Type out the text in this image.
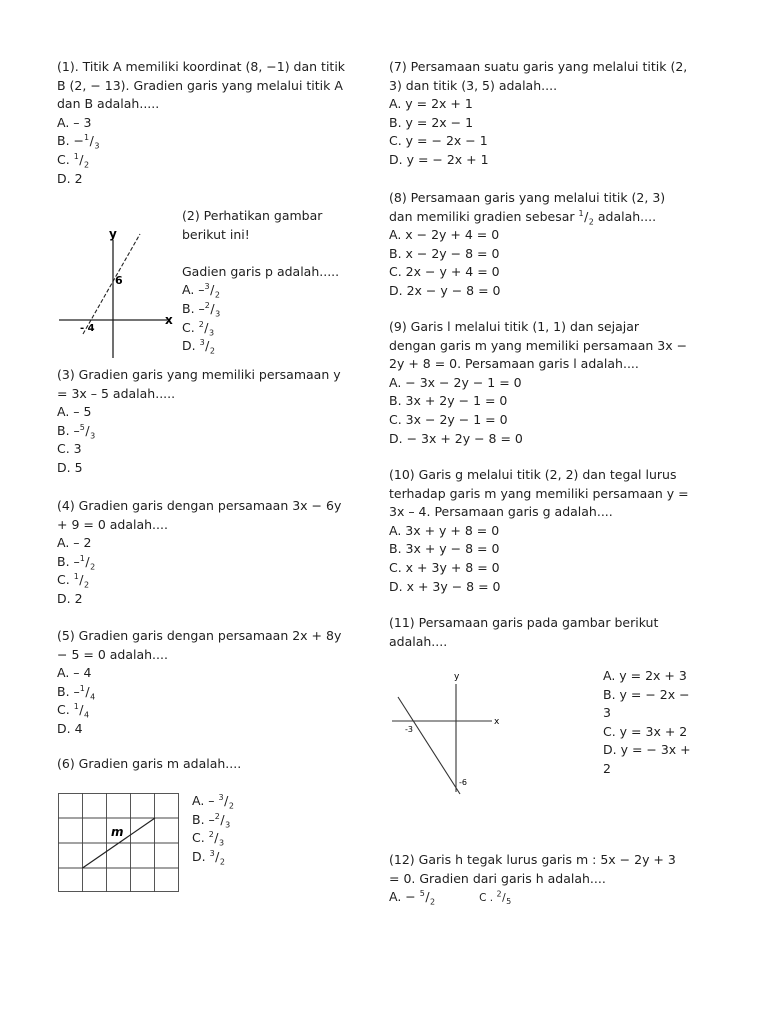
(1). Titik A memiliki koordinat (8, −1) dan titik B (2, − 13). Gradien garis yang melalui titik A dan B adalah.....

A. – 3
B. $-^1/_3$
C. $^1/_2$
D. 2
y
x
6
- 4

(2) Perhatikan gambar berikut ini!

Gadien garis p adalah.....

A. $-^3/_2$
B. $-^2/_3$
C. $^2/_3$
D. $^3/_2$

(3) Gradien garis yang memiliki persamaan y = 3x – 5 adalah.....

A. – 5
B. $-^5/_3$
C. 3
D. 5

(4) Gradien garis dengan persamaan 3x − 6y + 9 = 0 adalah....

A. – 2
B. $-^1/_2$
C. $^1/_2$
D. 2

(5) Gradien garis dengan persamaan 2x + 8y − 5 = 0 adalah....

A. – 4
B. $-^1/_4$
C. $^1/_4$
D. 4

(6) Gradien garis m adalah....

m
A. – $^3/_2$
B. $-^2/_3$
C. $^2/_3$
D. $^3/_2$

(7) Persamaan suatu garis yang melalui titik (2, 3) dan titik (3, 5) adalah....

A. y = 2x + 1
B. y = 2x − 1
C. y = − 2x − 1
D. y = − 2x + 1

(8) Persamaan garis yang melalui titik (2, 3) dan memiliki gradien sebesar $^1/_2$ adalah....

A. x − 2y + 4 = 0
B. x − 2y − 8 = 0
C. 2x − y + 4 = 0
D. 2x − y − 8 = 0

(9) Garis l melalui titik (1, 1) dan sejajar dengan garis m yang memiliki persamaan 3x − 2y + 8 = 0. Persamaan garis l adalah....

A. − 3x − 2y − 1 = 0
B. 3x + 2y − 1 = 0
C. 3x − 2y − 1 = 0
D. − 3x + 2y − 8 = 0

(10) Garis g melalui titik (2, 2) dan tegal lurus terhadap garis m yang memiliki persamaan y = 3x – 4. Persamaan garis g adalah....

A. 3x + y + 8 = 0
B. 3x + y − 8 = 0
C. x + 3y + 8 = 0
D. x + 3y − 8 = 0

(11) Persamaan garis pada gambar berikut adalah....

y
x
-3
-6
A. y = 2x + 3
B. y = − 2x −
3
C. y = 3x + 2
D. y = − 3x +
2

(12) Garis h tegak lurus garis m : 5x − 2y + 3 = 0. Gradien dari garis h adalah....

A. − $^5/_2$	C . $^2/_5$
